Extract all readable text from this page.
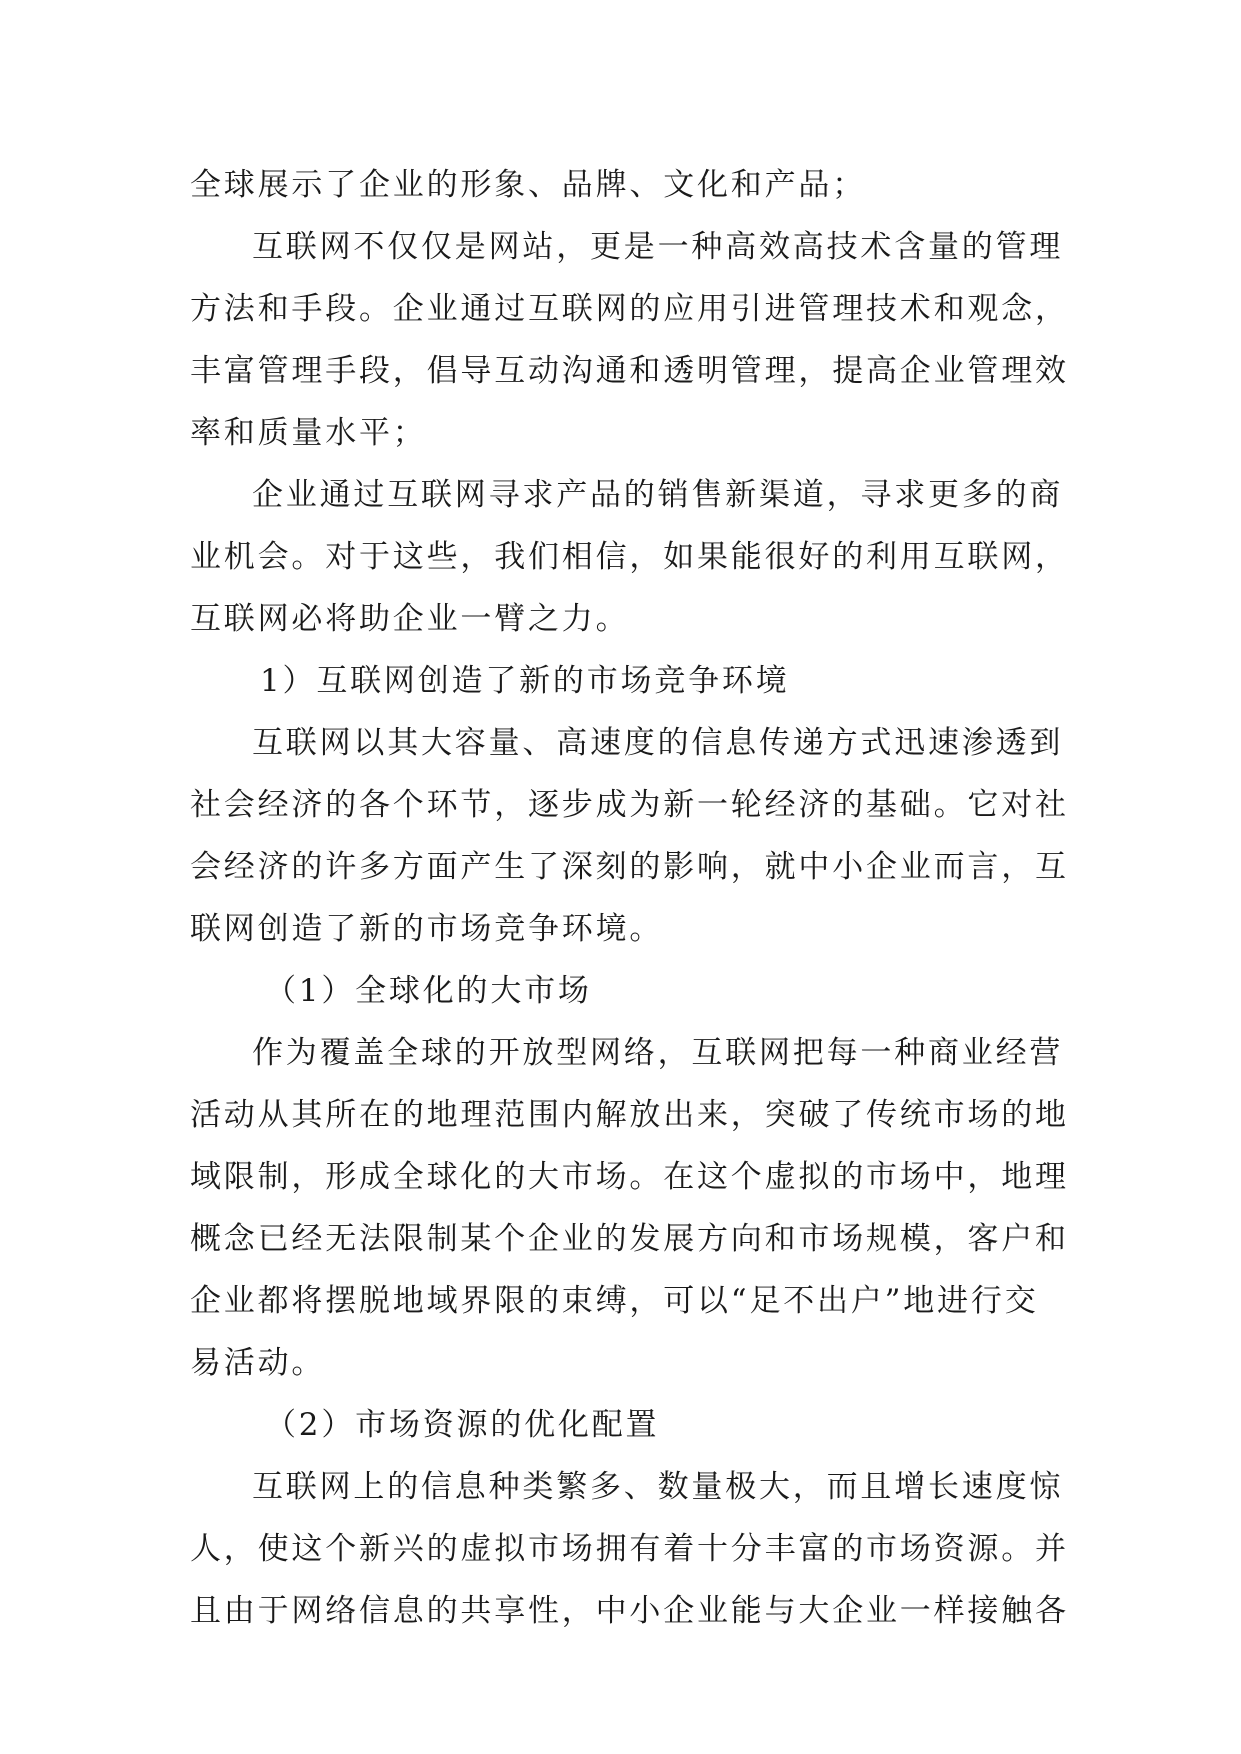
全球展示了企业的形象、品牌、文化和产品；

互联网不仅仅是网站，更是一种高效高技术含量的管理

方法和手段。企业通过互联网的应用引进管理技术和观念，

丰富管理手段，倡导互动沟通和透明管理，提高企业管理效

率和质量水平；

企业通过互联网寻求产品的销售新渠道，寻求更多的商

业机会。对于这些，我们相信，如果能很好的利用互联网，

互联网必将助企业一臂之力。

1）互联网创造了新的市场竞争环境

互联网以其大容量、高速度的信息传递方式迅速渗透到

社会经济的各个环节，逐步成为新一轮经济的基础。它对社

会经济的许多方面产生了深刻的影响，就中小企业而言，互

联网创造了新的市场竞争环境。

（1）全球化的大市场

作为覆盖全球的开放型网络，互联网把每一种商业经营

活动从其所在的地理范围内解放出来，突破了传统市场的地

域限制，形成全球化的大市场。在这个虚拟的市场中，地理

概念已经无法限制某个企业的发展方向和市场规模，客户和

企业都将摆脱地域界限的束缚，可以“足不出户”地进行交

易活动。

（2）市场资源的优化配置

互联网上的信息种类繁多、数量极大，而且增长速度惊

人，使这个新兴的虚拟市场拥有着十分丰富的市场资源。并

且由于网络信息的共享性，中小企业能与大企业一样接触各
